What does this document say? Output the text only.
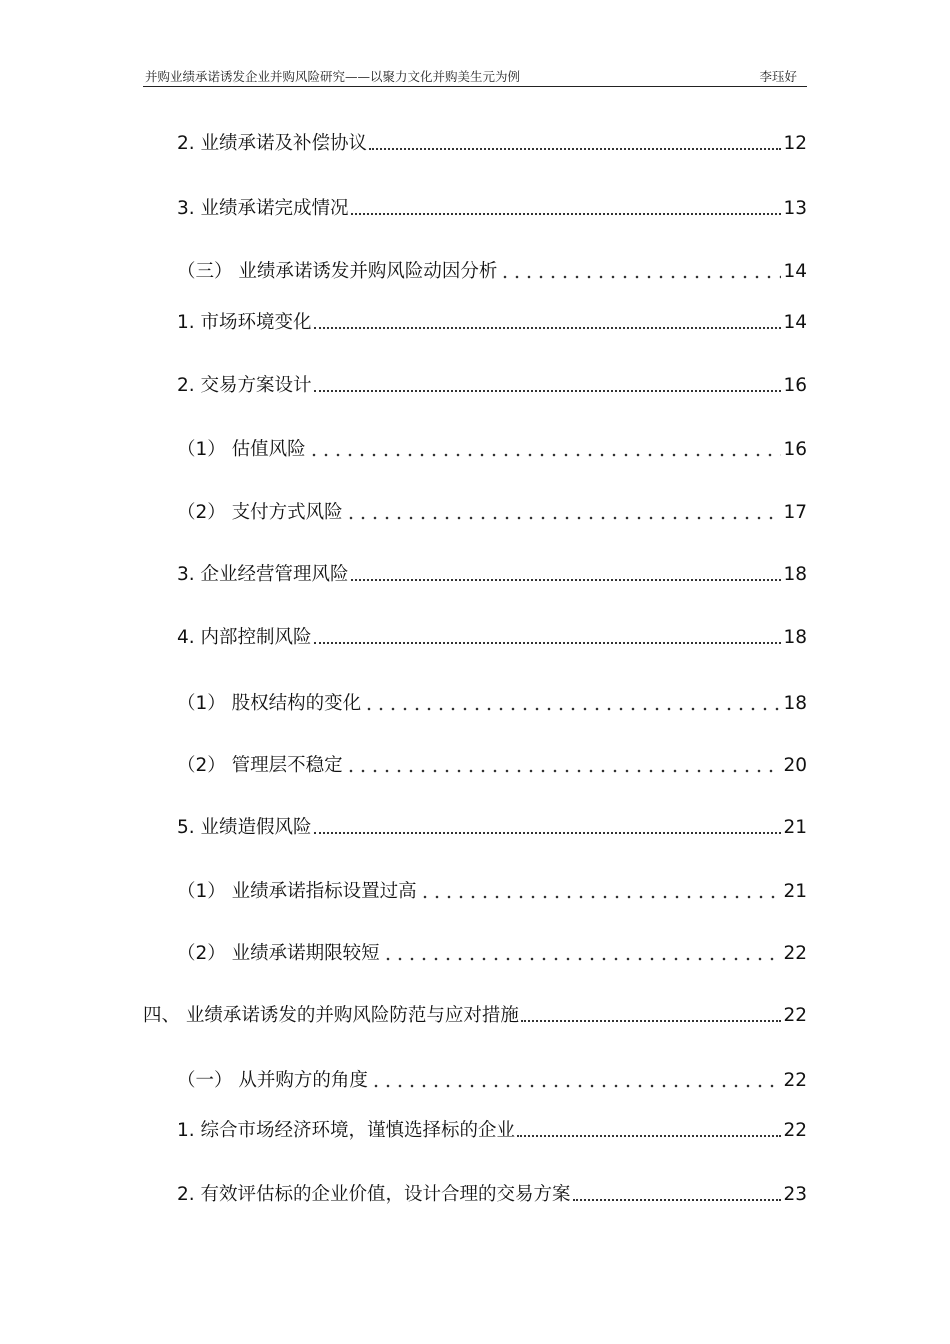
并购业绩承诺诱发企业并购风险研究——以聚力文化并购美生元为例	李珏好
2. 业绩承诺及补偿协议	12
3. 业绩承诺完成情况	13
（三） 业绩承诺诱发并购风险动因分析	14
1. 市场环境变化	14
2. 交易方案设计	16
（1） 估值风险	16
（2） 支付方式风险	17
3. 企业经营管理风险	18
4. 内部控制风险	18
（1） 股权结构的变化	18
（2） 管理层不稳定	20
5. 业绩造假风险	21
（1） 业绩承诺指标设置过高	21
（2） 业绩承诺期限较短	22
四、 业绩承诺诱发的并购风险防范与应对措施	22
（一） 从并购方的角度	22
1. 综合市场经济环境，谨慎选择标的企业	22
2. 有效评估标的企业价值，设计合理的交易方案	23
